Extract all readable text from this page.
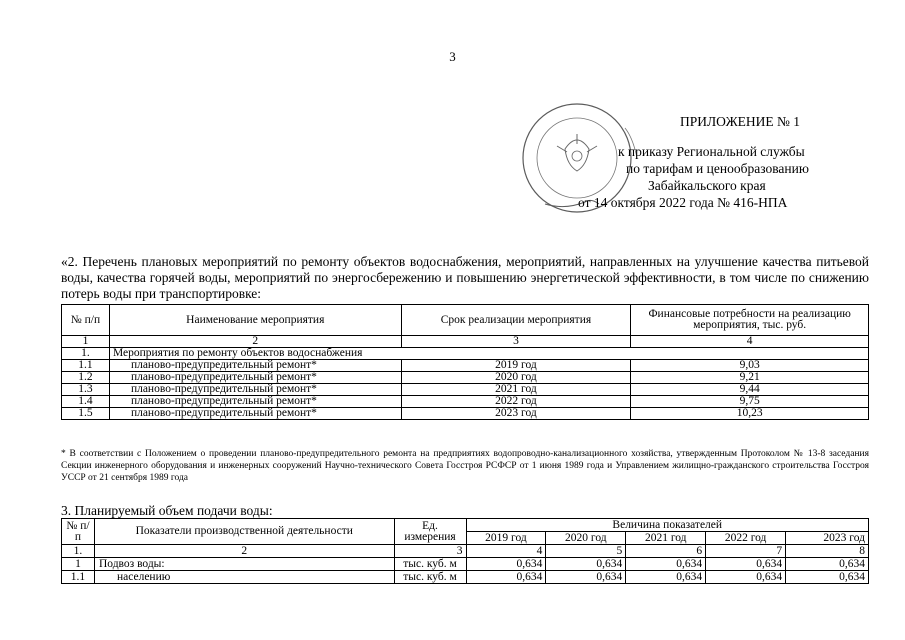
3
ПРИЛОЖЕНИЕ № 1
к приказу Региональной службы
по тарифам и ценообразованию
Забайкальского края
от 14 октября 2022 года № 416-НПА
«2. Перечень плановых мероприятий по ремонту объектов водоснабжения, мероприятий, направленных на улучшение качества питьевой воды, качества горячей воды, мероприятий по энергосбережению и повышению энергетической эффективности, в том числе по снижению потерь воды при транспортировке:
№ п/п	Наименование мероприятия	Срок реализации мероприятия	Финансовые потребности на реализацию мероприятия, тыс. руб.
1	2	3	4
1.	Мероприятия по ремонту объектов водоснабжения		
1.1	планово-предупредительный ремонт*	2019 год	9,03
1.2	планово-предупредительный ремонт*	2020 год	9,21
1.3	планово-предупредительный ремонт*	2021 год	9,44
1.4	планово-предупредительный ремонт*	2022 год	9,75
1.5	планово-предупредительный ремонт*	2023 год	10,23
* В соответствии с Положением о проведении планово-предупредительного ремонта на предприятиях водопроводно-канализационного хозяйства, утвержденным Протоколом № 13-8 заседания Секции инженерного оборудования и инженерных сооружений Научно-технического Совета Госстроя РСФСР от 1 июня 1989 года и Управлением жилищно-гражданского строительства Госстроя УССР от 21 сентября 1989 года
3. Планируемый объем подачи воды:
№ п/п	Показатели производственной деятельности	Ед. измерения	Величина показателей				
			2019 год	2020 год	2021 год	2022 год	2023 год
1.	2	3	4	5	6	7	8
1	Подвоз воды:	тыс. куб. м	0,634	0,634	0,634	0,634	0,634
1.1	населению	тыс. куб. м	0,634	0,634	0,634	0,634	0,634
